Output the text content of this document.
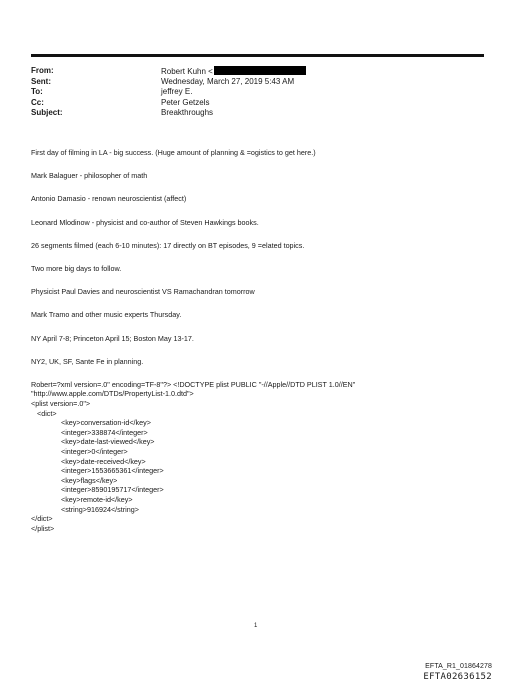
From:	Robert Kuhn <
Sent:	Wednesday, March 27, 2019 5:43 AM
To:	jeffrey E.
Cc:	Peter Getzels
Subject:	Breakthroughs

First day of filming in LA - big success. (Huge amount of planning & =ogistics to get here.)

Mark Balaguer - philosopher of math

Antonio Damasio - renown neuroscientist (affect)

Leonard Mlodinow - physicist and co-author of Steven Hawkings books.

26 segments filmed (each 6-10 minutes): 17 directly on BT episodes, 9 =elated topics.

Two more big days to follow.

Physicist Paul Davies and neuroscientist VS Ramachandran tomorrow

Mark Tramo and other music experts Thursday.

NY April 7-8; Princeton April 15; Boston May 13-17.

NY2, UK, SF, Sante Fe in planning.

Robert=?xml version=.0" encoding=TF-8"?> <!DOCTYPE plist PUBLIC "-//Apple//DTD PLIST 1.0//EN"

"http://www.apple.com/DTDs/PropertyList-1.0.dtd">

<plist version=.0">

<dict>

<key>conversation-id</key>

<integer>338874</integer>

<key>date-last-viewed</key>

<integer>0</integer>

<key>date-received</key>

<integer>1553665361</integer>

<key>flags</key>

<integer>8590195717</integer>

<key>remote-id</key>

<string>916924</string>

</dict>

</plist>

1
EFTA_R1_01864278
EFTA02636152
